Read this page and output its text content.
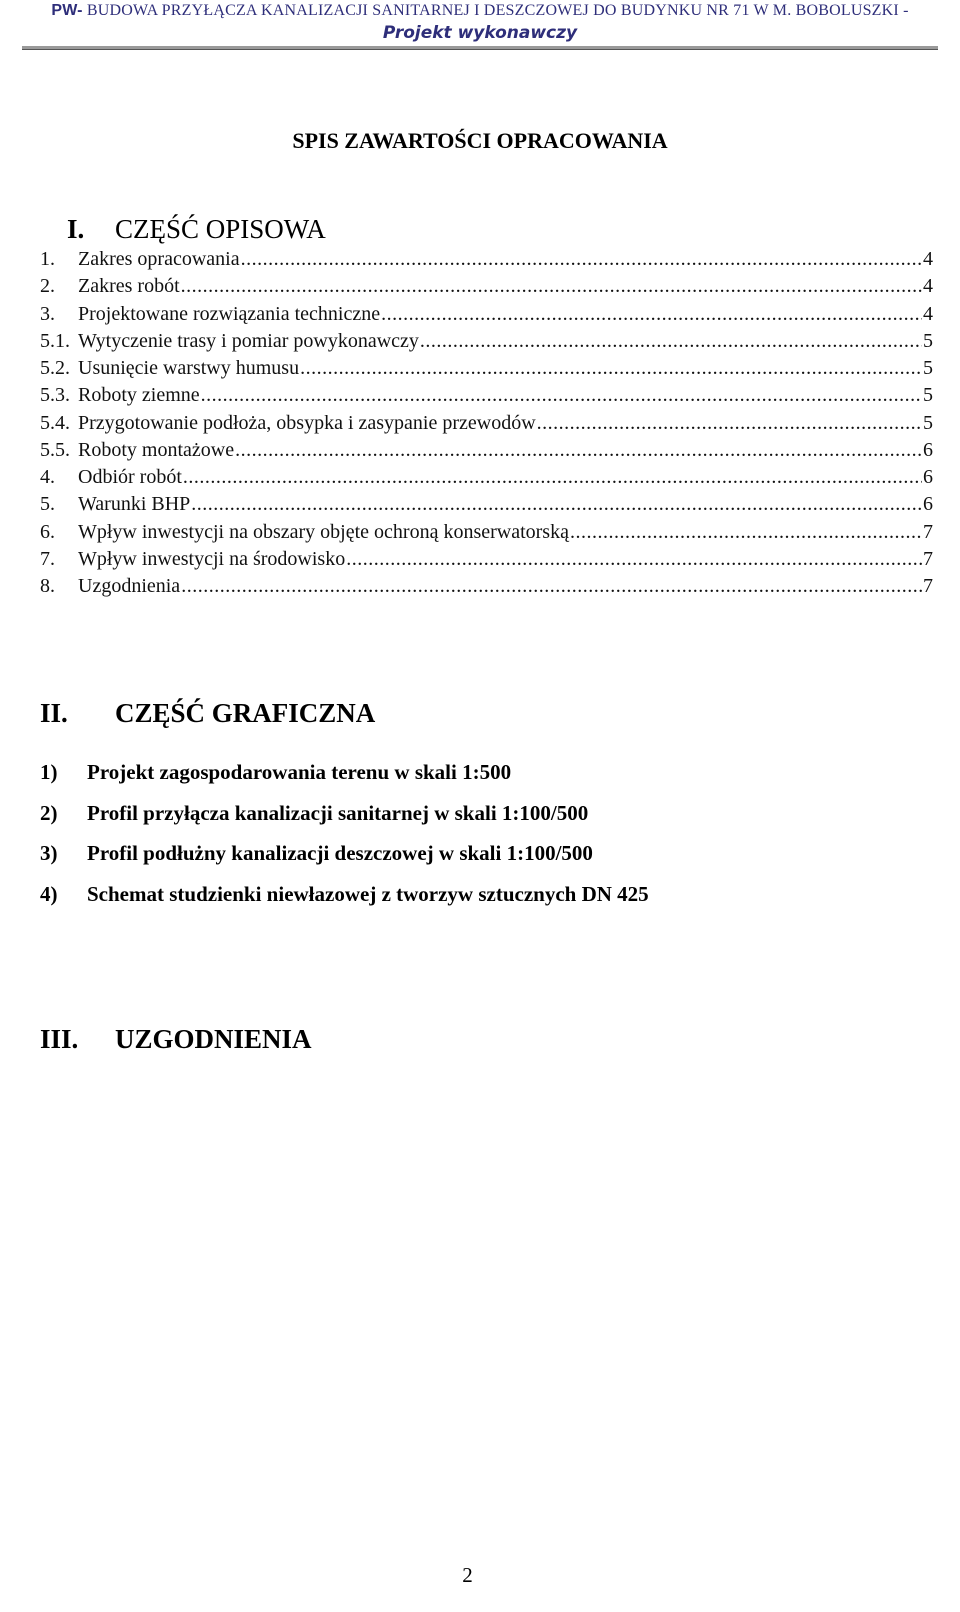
PW- BUDOWA PRZYŁĄCZA KANALIZACJI SANITARNEJ I DESZCZOWEJ DO BUDYNKU NR 71 W M. BOBOLUSZKI -
Projekt wykonawczy
SPIS ZAWARTOŚCI OPRACOWANIA
I. CZĘŚĆ OPISOWA
1.	Zakres opracowania .....	4
2.	Zakres robót .....	4
3.	Projektowane rozwiązania techniczne .....	4
5.1. Wytyczenie trasy i pomiar powykonawczy .....	5
5.2. Usunięcie warstwy humusu .....	5
5.3. Roboty ziemne .....	5
5.4. Przygotowanie podłoża, obsypka i zasypanie przewodów .....	5
5.5. Roboty montażowe .....	6
4.	Odbiór robót .....	6
5.	Warunki BHP .....	6
6.	Wpływ inwestycji na obszary objęte ochroną konserwatorską .....	7
7.	Wpływ inwestycji na środowisko .....	7
8.	Uzgodnienia .....	7
II. CZĘŚĆ GRAFICZNA
1) Projekt zagospodarowania terenu w skali 1:500
2) Profil przyłącza kanalizacji sanitarnej w skali 1:100/500
3) Profil podłużny kanalizacji deszczowej w skali 1:100/500
4) Schemat studzienki niewłazowej z tworzyw sztucznych DN 425
III. UZGODNIENIA
2
